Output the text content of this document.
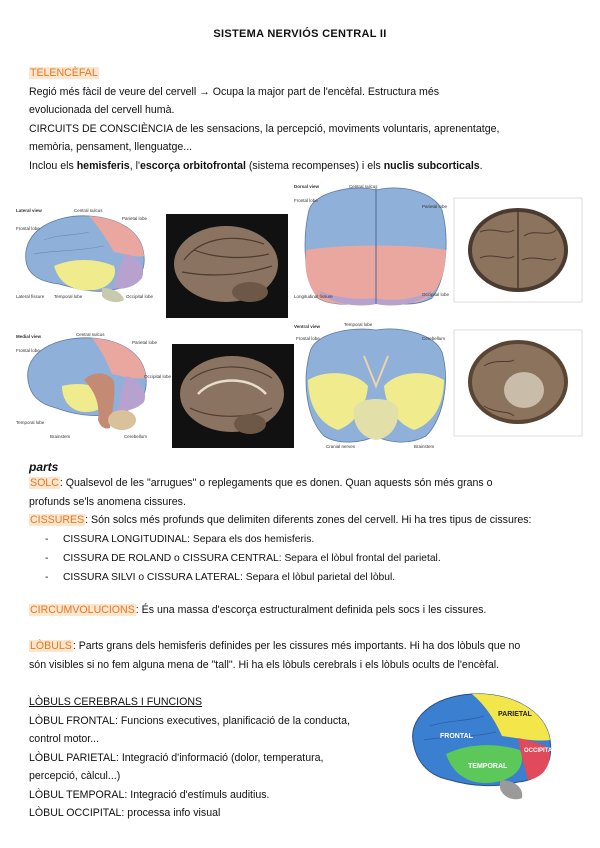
SISTEMA NERVIÓS CENTRAL II
TELENCÈFAL
Regió més fàcil de veure del cervell → Ocupa la major part de l'encèfal. Estructura més
evolucionada del cervell humà.
CIRCUITS DE CONSCIÈNCIA de les sensacions, la percepció, moviments voluntaris, aprenentatge,
memòria, pensament, llenguatge...
Inclou els hemisferis, l'escorça orbitofrontal (sistema recompenses) i els nuclis subcorticals.
Lateral view
Frontal lobe
Central sulcus
Parietal lobe
Lateral fissure Temporal lobe	Occipital lobe
Dorsal view	Central sulcus
Frontal lobe
Parietal lobe
Longitudinal fissure	Occipital lobe
Medial view
Frontal lobe
Central sulcus
Parietal lobe
Occipital lobe
Temporal lobe
Brainstem	Cerebellum
Ventral view	Temporal lobe
Frontal lobe	Cerebellum
Cranial nerves	Brainstem
parts
SOLC: Qualsevol de les "arrugues" o replegaments que es donen. Quan aquests són més grans o
profunds se'ls anomena cissures.
CISSURES: Són solcs més profunds que delimiten diferents zones del cervell. Hi ha tres tipus de cissures:
- CISSURA LONGITUDINAL: Separa els dos hemisferis.
- CISSURA DE ROLAND o CISSURA CENTRAL: Separa el lòbul frontal del parietal.
- CISSURA SILVI o CISSURA LATERAL: Separa el lòbul parietal del lòbul.
CIRCUMVOLUCIONS: És una massa d'escorça estructuralment definida pels socs i les cissures.
LÒBULS: Parts grans dels hemisferis definides per les cissures més importants. Hi ha dos lòbuls que no
són visibles si no fem alguna mena de "tall". Hi ha els lòbuls cerebrals i els lòbuls ocults de l'encèfal.
LÒBULS CEREBRALS I FUNCIONS
LÒBUL FRONTAL: Funcions executives, planificació de la conducta,
control motor...
LÒBUL PARIETAL: Integració d'informació (dolor, temperatura,
percepció, càlcul...)
LÒBUL TEMPORAL: Integració d'estímuls auditius.
LÒBUL OCCIPITAL: processa info visual
FRONTAL
PARIETAL
TEMPORAL
OCCIPITAL
